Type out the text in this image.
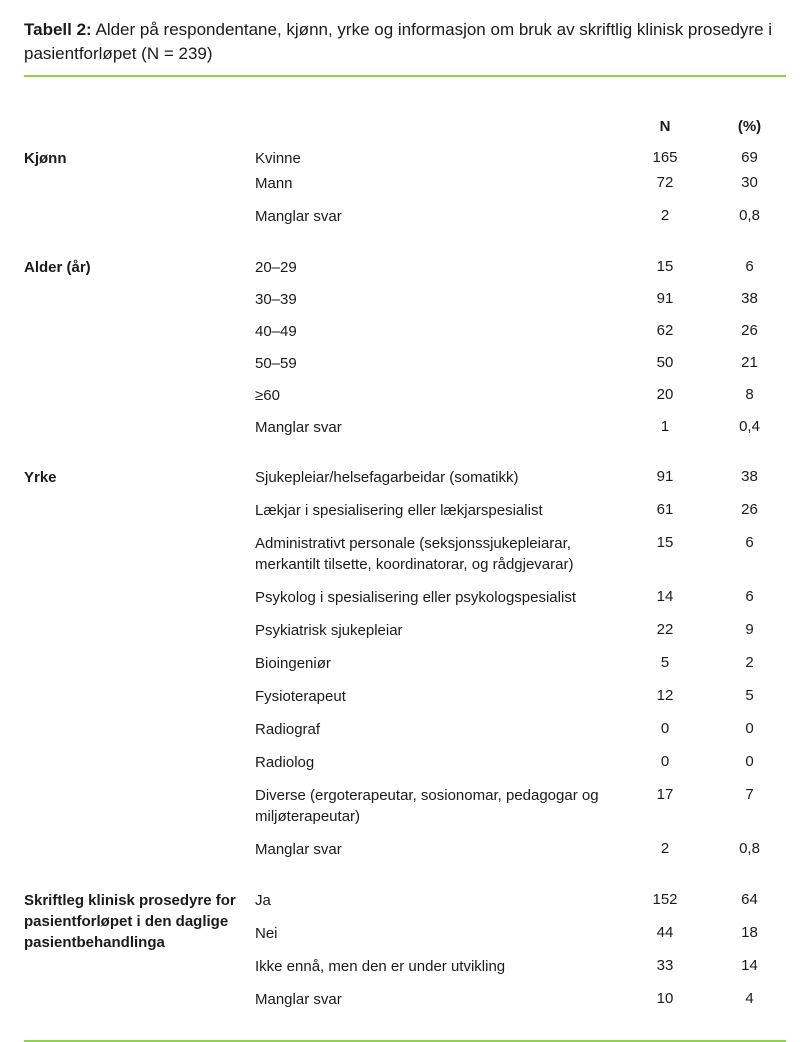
Tabell 2: Alder på respondentane, kjønn, yrke og informasjon om bruk av skriftlig klinisk prosedyre i pasientforløpet (N = 239)

N	(%)
Kjønn	Kvinne	165	69
Mann	72	30
Manglar svar	2	0,8
Alder (år)	20–29	15	6
30–39	91	38
40–49	62	26
50–59	50	21
≥60	20	8
Manglar svar	1	0,4
Yrke	Sjukepleiar/helsefagarbeidar (somatikk)	91	38
Lækjar i spesialisering eller lækjarspesialist	61	26
Administrativt personale (seksjonssjukepleiarar, merkantilt tilsette, koordinatorar, og rådgjevarar)
15	6
Psykolog i spesialisering eller psykologspesialist	14	6
Psykiatrisk sjukepleiar	22	9
Bioingeniør	5	2
Fysioterapeut	12	5
Radiograf	0	0
Radiolog	0	0
Diverse (ergoterapeutar, sosionomar, pedagogar og miljøterapeutar)
17	7
Manglar svar	2	0,8
Skriftleg klinisk prosedyre for pasientforløpet i den daglige pasientbehandlinga
Ja	152	64
Nei	44	18
Ikke ennå, men den er under utvikling	33	14
Manglar svar	10	4
